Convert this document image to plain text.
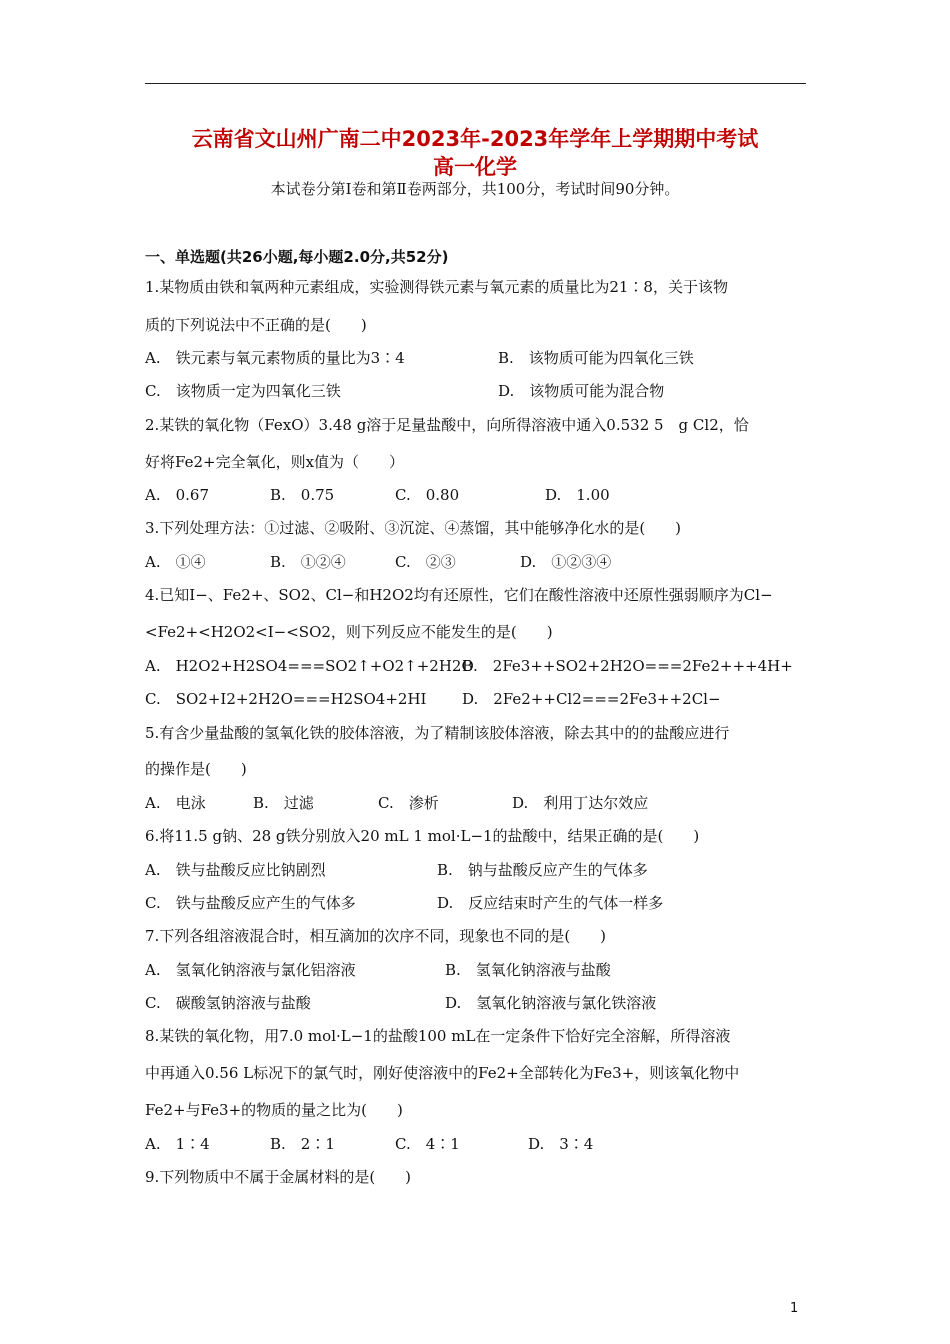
云南省文山州广南二中2023年-2023年学年上学期期中考试
高一化学
本试卷分第Ⅰ卷和第Ⅱ卷两部分，共100分，考试时间90分钟。
一、单选题(共26小题,每小题2.0分,共52分)
1.某物质由铁和氧两种元素组成，实验测得铁元素与氧元素的质量比为21∶8，关于该物
质的下列说法中不正确的是(　　)
A.　铁元素与氧元素物质的量比为3∶4	B.　该物质可能为四氧化三铁
C.　该物质一定为四氧化三铁	D.　该物质可能为混合物
2.某铁的氧化物（FexO）3.48 g溶于足量盐酸中，向所得溶液中通入0.532 5　g Cl2，恰
好将Fe2+完全氧化，则x值为（　　）
A.　0.67	B.　0.75	C.　0.80	D.　1.00
3.下列处理方法：①过滤、②吸附、③沉淀、④蒸馏，其中能够净化水的是(　　)
A.　①④	B.　①②④	C.　②③	D.　①②③④
4.已知I−、Fe2+、SO2、Cl−和H2O2均有还原性，它们在酸性溶液中还原性强弱顺序为Cl−
<Fe2+<H2O2<I−<SO2，则下列反应不能发生的是(　　)
A.　H2O2+H2SO4===SO2↑+O2↑+2H2O
B.　2Fe3++SO2+2H2O===2Fe2+++4H+
C.　SO2+I2+2H2O===H2SO4+2HI D.　2Fe2++Cl2===2Fe3++2Cl−
5.有含少量盐酸的氢氧化铁的胶体溶液，为了精制该胶体溶液，除去其中的的盐酸应进行
的操作是(　　)
A.　电泳	B.　过滤	C.　渗析	D.　利用丁达尔效应
6.将11.5 g钠、28 g铁分别放入20 mL 1 mol·L−1的盐酸中，结果正确的是(　　)
A.　铁与盐酸反应比钠剧烈	B.　钠与盐酸反应产生的气体多
C.　铁与盐酸反应产生的气体多	D.　反应结束时产生的气体一样多
7.下列各组溶液混合时，相互滴加的次序不同，现象也不同的是(　　)
A.　氢氧化钠溶液与氯化铝溶液	B.　氢氧化钠溶液与盐酸
C.　碳酸氢钠溶液与盐酸	D.　氢氧化钠溶液与氯化铁溶液
8.某铁的氧化物，用7.0 mol·L−1的盐酸100 mL在一定条件下恰好完全溶解，所得溶液
中再通入0.56 L标况下的氯气时，刚好使溶液中的Fe2+全部转化为Fe3+，则该氧化物中
Fe2+与Fe3+的物质的量之比为(　　)
A.　1∶4	B.　2∶1	C.　4∶1	D.　3∶4
9.下列物质中不属于金属材料的是(　　)
1
